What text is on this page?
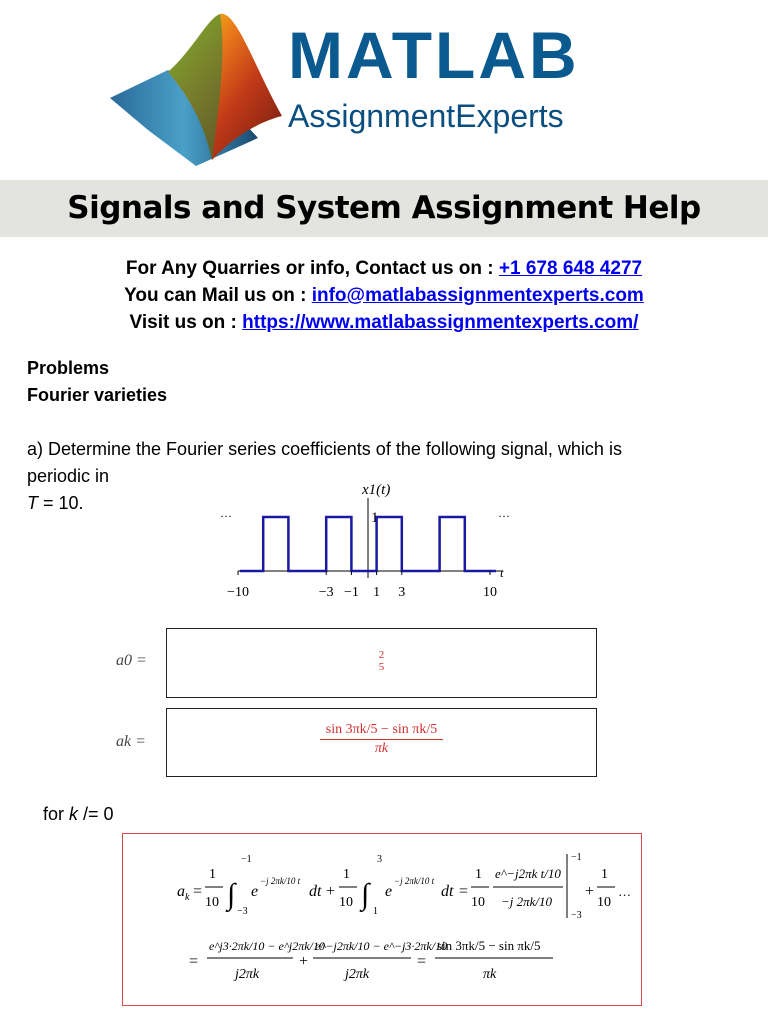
MATLAB
AssignmentExperts
Signals and System Assignment Help
For Any Quarries or info, Contact us on : +1 678 648 4277
You can Mail us on : info@matlabassignmentexperts.com
Visit us on : https://www.matlabassignmentexperts.com/
Problems
Fourier varieties
a) Determine the Fourier series coefficients of the following signal, which is
periodic in
T = 10.
x1(t)
t
1
···	···
−10	−3 −1 1 3	10
a0 =	2
5
ak = $\frac{\text{sin 3πk/5 − sin πk/5}}{\pi k}$
for k /= 0
a k =
1
10 ∫
−1
−3
e
−j 2πk/10 t
dt +
1
10 ∫
3
1
e
−j 2πk/10 t
dt =
1
10
e^−j2πk t/10
−j 2πk/10
−1
−3
+
1
10
…
=
e^j3·2πk/10 − e^j2πk/10
j2πk
+
e^−j2πk/10 − e^−j3·2πk/10
j2πk
=
sin 3πk/5 − sin πk/5
πk
